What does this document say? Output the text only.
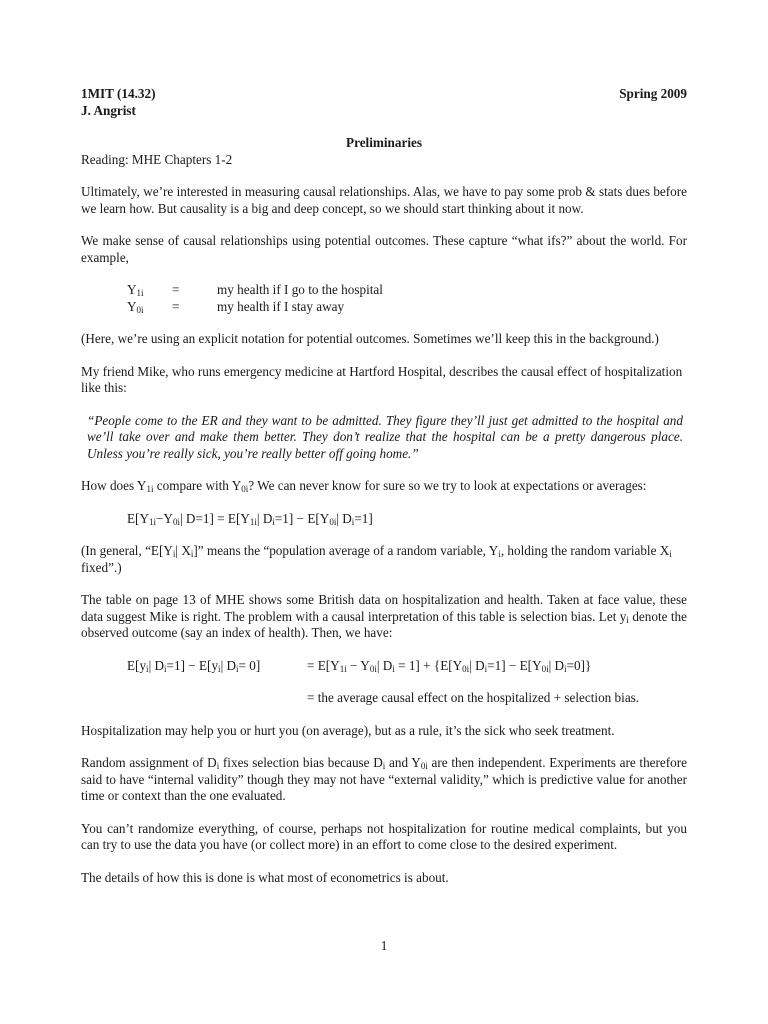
1MIT (14.32)	Spring 2009
J. Angrist
Preliminaries

Reading: MHE Chapters 1-2

Ultimately, we’re interested in measuring causal relationships. Alas, we have to pay some prob & stats dues before we learn how. But causality is a big and deep concept, so we should start thinking about it now.

We make sense of causal relationships using potential outcomes. These capture “what ifs?” about the world. For example,

$Y_{1i}$	=	my health if I go to the hospital
$Y_{0i}$	=	my health if I stay away

(Here, we’re using an explicit notation for potential outcomes. Sometimes we’ll keep this in the background.)

My friend Mike, who runs emergency medicine at Hartford Hospital, describes the causal effect of hospitalization like this:

“People come to the ER and they want to be admitted. They figure they’ll just get admitted to the hospital and we’ll take over and make them better. They don’t realize that the hospital can be a pretty dangerous place. Unless you’re really sick, you’re really better off going home.”

How does $Y_{1i}$ compare with $Y_{0i}$? We can never know for sure so we try to look at expectations or averages:

$E[Y_{1i}-Y_{0i}|$ $D=1] = E[Y_{1i}|$ $D_i=1] - E[Y_{0i}|$ $D_i=1$]

(In general, “$E[Y_i|$ $X_i$]” means the “population average of a random variable, $Y_i$, holding the random variable $X_i$ fixed”.)

The table on page 13 of MHE shows some British data on hospitalization and health. Taken at face value, these data suggest Mike is right. The problem with a causal interpretation of this table is selection bias. Let $y_i$ denote the observed outcome (say an index of health). Then, we have:

$E[y_i|$ $D_i=1] - E[y_i|$ $D_i= 0$]	= $E[Y_{1i} - Y_{0i}|$ $D_i = 1] + \{E[Y_{0i}|$ $D_i=1] - E[Y_{0i}|$ $D_i=0$]}
= the average causal effect on the hospitalized + selection bias.

Hospitalization may help you or hurt you (on average), but as a rule, it’s the sick who seek treatment.

Random assignment of $D_i$ fixes selection bias because $D_i$ and $Y_{0i}$ are then independent. Experiments are therefore said to have “internal validity” though they may not have “external validity,” which is predictive value for another time or context than the one evaluated.

You can’t randomize everything, of course, perhaps not hospitalization for routine medical complaints, but you can try to use the data you have (or collect more) in an effort to come close to the desired experiment.

The details of how this is done is what most of econometrics is about.

1
